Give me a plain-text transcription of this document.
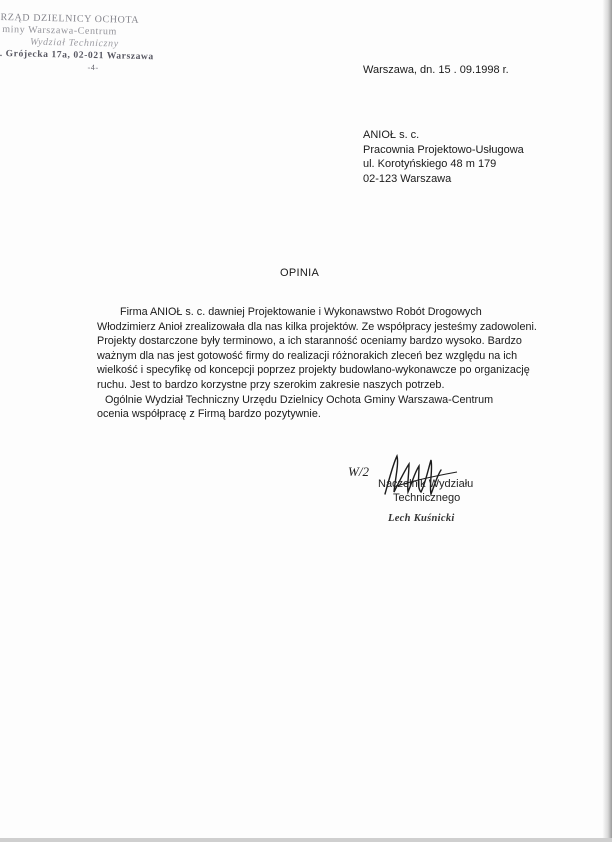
RZĄD DZIELNICY OCHOTA
miny Warszawa-Centrum
Wydział Techniczny
. Grójecka 17a, 02-021 Warszawa
-4-	Warszawa, dn. 15 . 09.1998 r.
ANIOŁ s. c.
Pracownia Projektowo-Usługowa
ul. Korotyńskiego 48 m 179
02-123 Warszawa
OPINIA
Firma ANIOŁ s. c. dawniej Projektowanie i Wykonawstwo Robót Drogowych
Włodzimierz Anioł zrealizowała dla nas kilka projektów. Ze współpracy jesteśmy zadowoleni.
Projekty dostarczone były terminowo, a ich staranność oceniamy bardzo wysoko. Bardzo
ważnym dla nas jest gotowość firmy do realizacji różnorakich zleceń bez względu na ich
wielkość i specyfikę od koncepcji poprzez projekty budowlano-wykonawcze po organizację
ruchu. Jest to bardzo korzystne przy szerokim zakresie naszych potrzeb.
Ogólnie Wydział Techniczny Urzędu Dzielnicy Ochota Gminy Warszawa-Centrum
ocenia współpracę z Firmą bardzo pozytywnie.
W/2
Naczelnik Wydziału
Technicznego
Lech Kuśnicki
